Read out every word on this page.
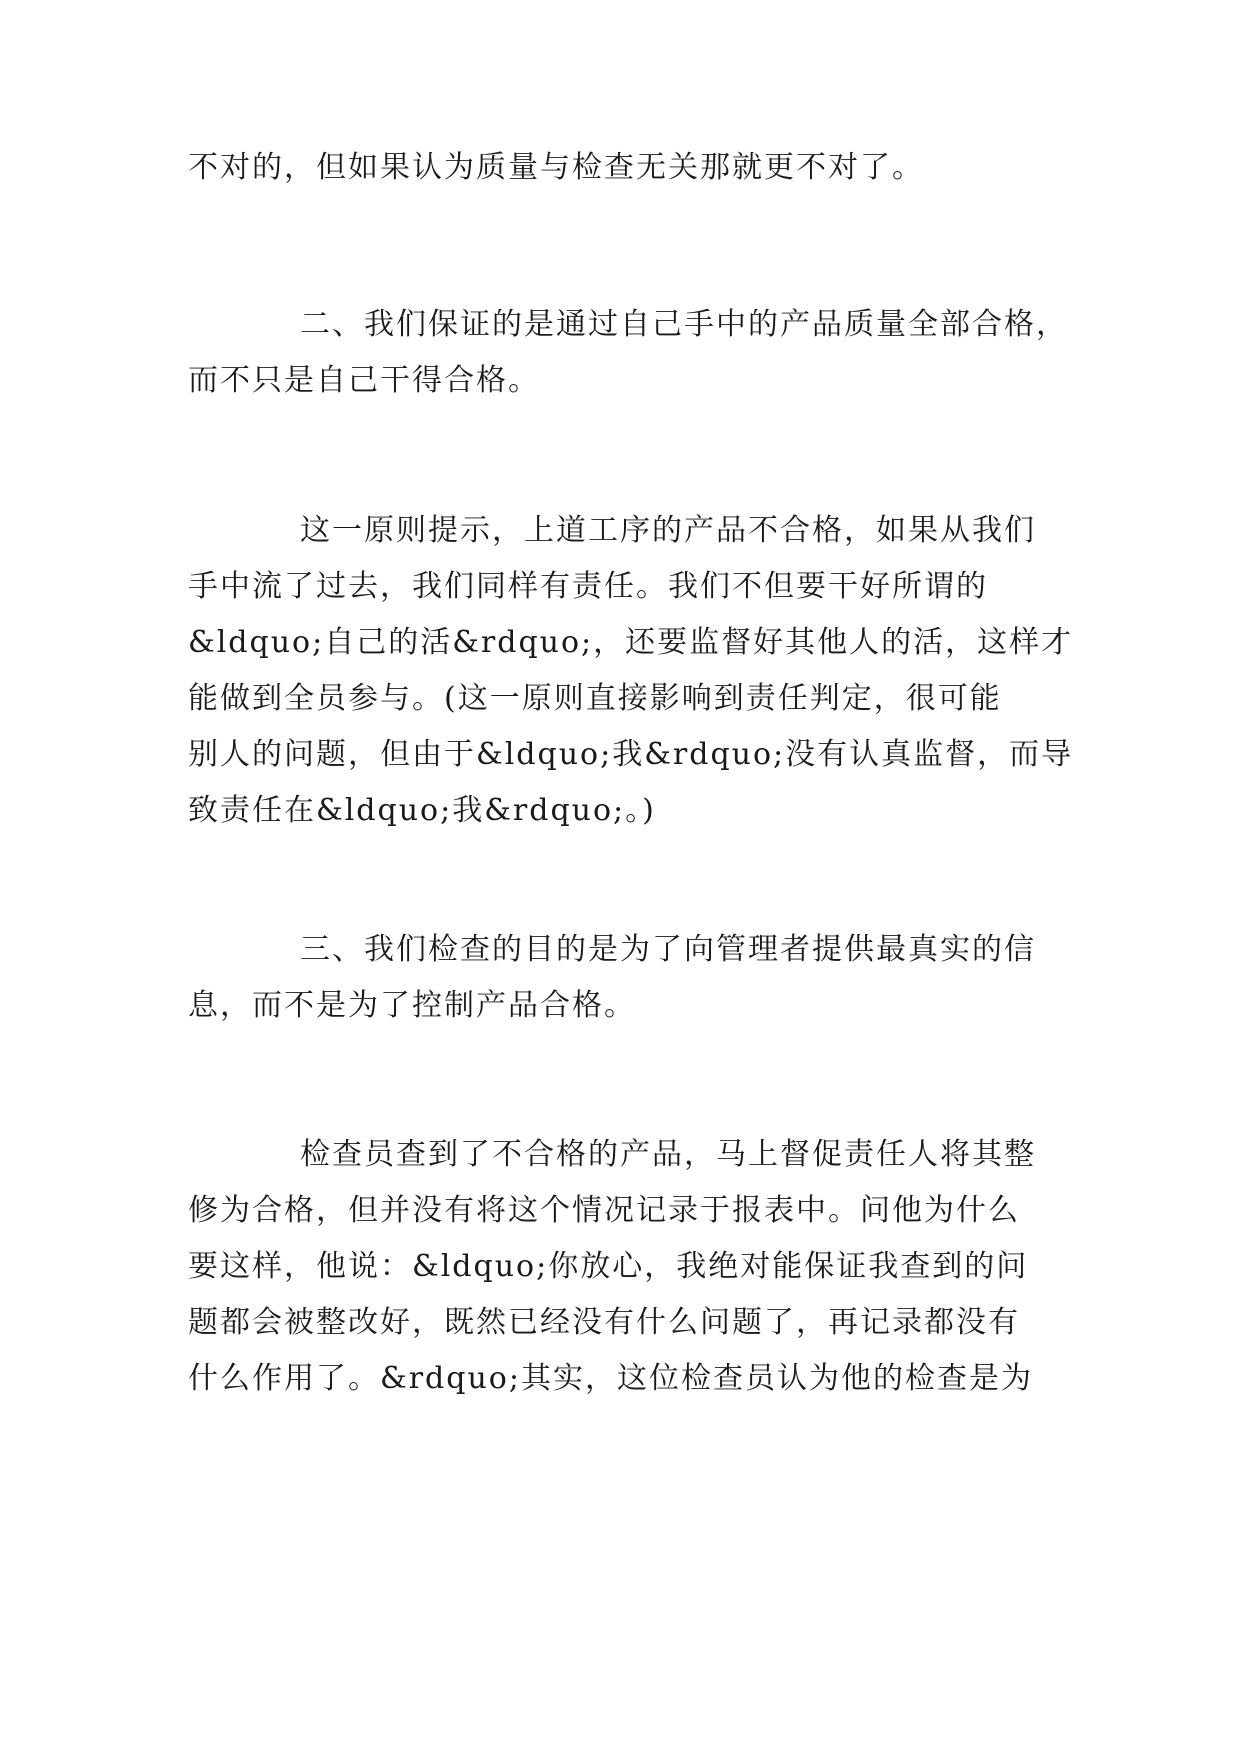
不对的，但如果认为质量与检查无关那就更不对了。

二、我们保证的是通过自己手中的产品质量全部合格，
而不只是自己干得合格。

这一原则提示，上道工序的产品不合格，如果从我们
手中流了过去，我们同样有责任。我们不但要干好所谓的
&ldquo;自己的活&rdquo;，还要监督好其他人的活，这样才
能做到全员参与。(这一原则直接影响到责任判定，很可能
别人的问题，但由于&ldquo;我&rdquo;没有认真监督，而导
致责任在&ldquo;我&rdquo;。)

三、我们检查的目的是为了向管理者提供最真实的信
息，而不是为了控制产品合格。

检查员查到了不合格的产品，马上督促责任人将其整
修为合格，但并没有将这个情况记录于报表中。问他为什么
要这样，他说：&ldquo;你放心，我绝对能保证我查到的问
题都会被整改好，既然已经没有什么问题了，再记录都没有
什么作用了。&rdquo;其实，这位检查员认为他的检查是为
